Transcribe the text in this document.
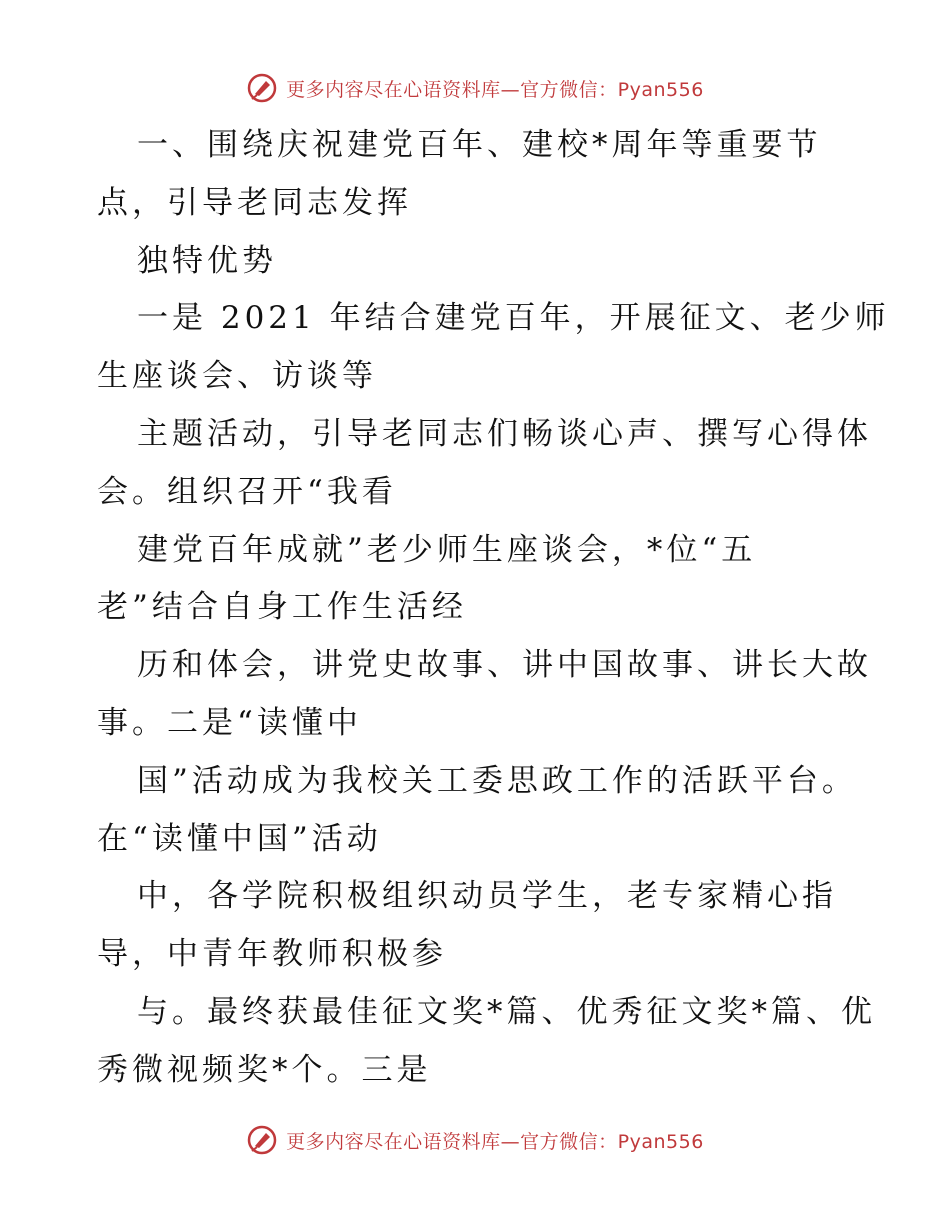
更多内容尽在心语资料库—官方微信：Pyan556
一、围绕庆祝建党百年、建校*周年等重要节
点，引导老同志发挥
独特优势
一是 2021 年结合建党百年，开展征文、老少师
生座谈会、访谈等
主题活动，引导老同志们畅谈心声、撰写心得体
会。组织召开“我看
建党百年成就”老少师生座谈会，*位“五
老”结合自身工作生活经
历和体会，讲党史故事、讲中国故事、讲长大故
事。二是“读懂中
国”活动成为我校关工委思政工作的活跃平台。
在“读懂中国”活动
中，各学院积极组织动员学生，老专家精心指
导，中青年教师积极参
与。最终获最佳征文奖*篇、优秀征文奖*篇、优
秀微视频奖*个。三是
更多内容尽在心语资料库—官方微信：Pyan556
